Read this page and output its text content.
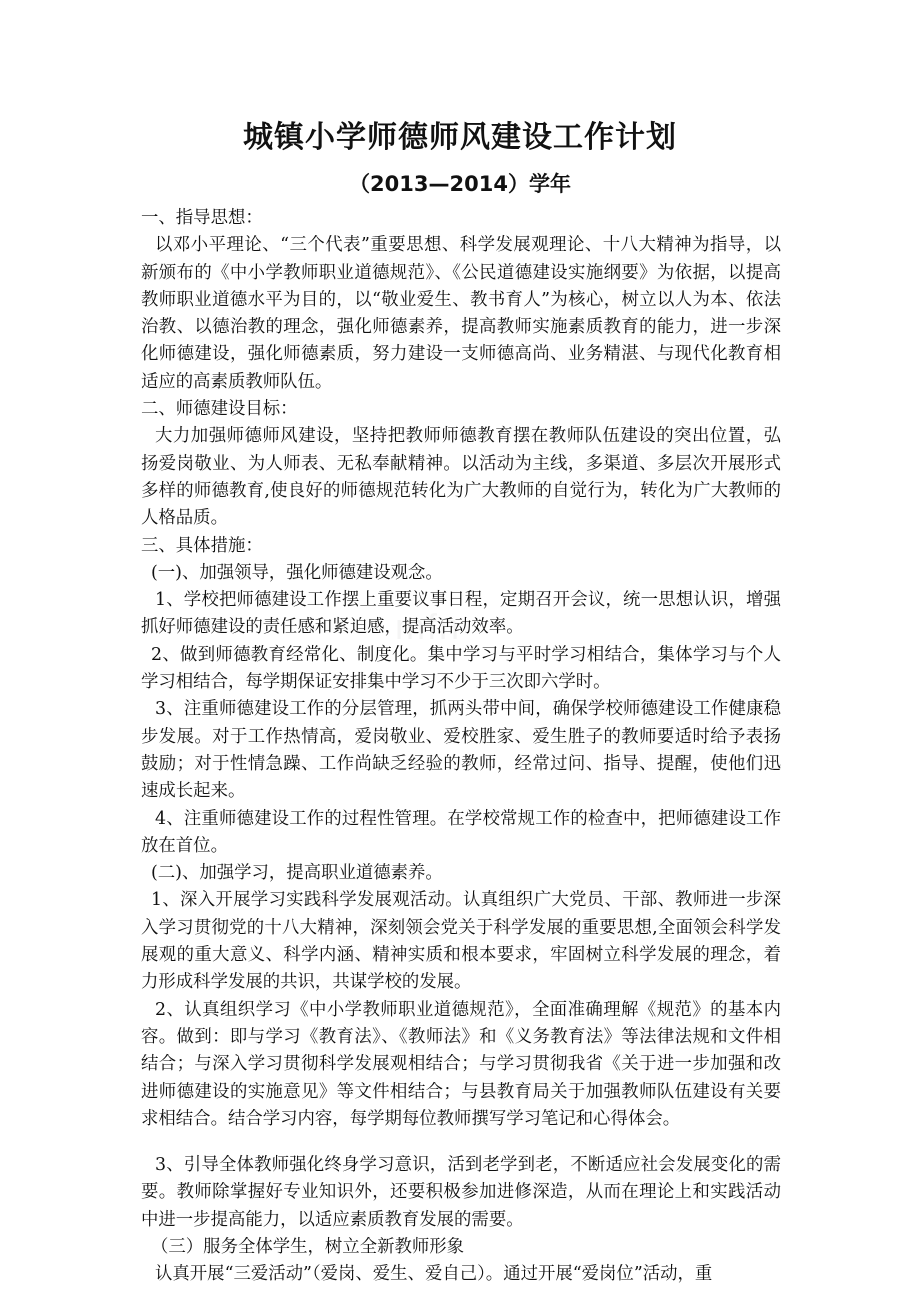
城镇小学师德师风建设工作计划
（2013—2014）学年

一、指导思想：

以邓小平理论、“三个代表”重要思想、科学发展观理论、十八大精神为指导，以新颁布的《中小学教师职业道德规范》、《公民道德建设实施纲要》为依据，以提高教师职业道德水平为目的，以“敬业爱生、教书育人”为核心，树立以人为本、依法治教、以德治教的理念，强化师德素养，提高教师实施素质教育的能力，进一步深化师德建设，强化师德素质，努力建设一支师德高尚、业务精湛、与现代化教育相适应的高素质教师队伍。

二、师德建设目标：

大力加强师德师风建设，坚持把教师师德教育摆在教师队伍建设的突出位置，弘扬爱岗敬业、为人师表、无私奉献精神。以活动为主线，多渠道、多层次开展形式多样的师德教育,使良好的师德规范转化为广大教师的自觉行为，转化为广大教师的人格品质。

三、具体措施：

(一)、加强领导，强化师德建设观念。

1、学校把师德建设工作摆上重要议事日程，定期召开会议，统一思想认识，增强抓好师德建设的责任感和紧迫感，提高活动效率。

2、做到师德教育经常化、制度化。集中学习与平时学习相结合，集体学习与个人学习相结合，每学期保证安排集中学习不少于三次即六学时。

3、注重师德建设工作的分层管理，抓两头带中间，确保学校师德建设工作健康稳步发展。对于工作热情高，爱岗敬业、爱校胜家、爱生胜子的教师要适时给予表扬鼓励；对于性情急躁、工作尚缺乏经验的教师，经常过问、指导、提醒，使他们迅速成长起来。

4、注重师德建设工作的过程性管理。在学校常规工作的检查中，把师德建设工作放在首位。

(二)、加强学习，提高职业道德素养。

1、深入开展学习实践科学发展观活动。认真组织广大党员、干部、教师进一步深入学习贯彻党的十八大精神，深刻领会党关于科学发展的重要思想,全面领会科学发展观的重大意义、科学内涵、精神实质和根本要求，牢固树立科学发展的理念，着力形成科学发展的共识，共谋学校的发展。

2、认真组织学习《中小学教师职业道德规范》，全面准确理解《规范》的基本内容。做到：即与学习《教育法》、《教师法》和《义务教育法》等法律法规和文件相结合；与深入学习贯彻科学发展观相结合；与学习贯彻我省《关于进一步加强和改进师德建设的实施意见》等文件相结合；与县教育局关于加强教师队伍建设有关要求相结合。结合学习内容，每学期每位教师撰写学习笔记和心得体会。

3、引导全体教师强化终身学习意识，活到老学到老，不断适应社会发展变化的需要。教师除掌握好专业知识外，还要积极参加进修深造，从而在理论上和实践活动中进一步提高能力，以适应素质教育发展的需要。

（三）服务全体学生，树立全新教师形象

认真开展“三爱活动”（爱岗、爱生、爱自己）。通过开展“爱岗位”活动，重
